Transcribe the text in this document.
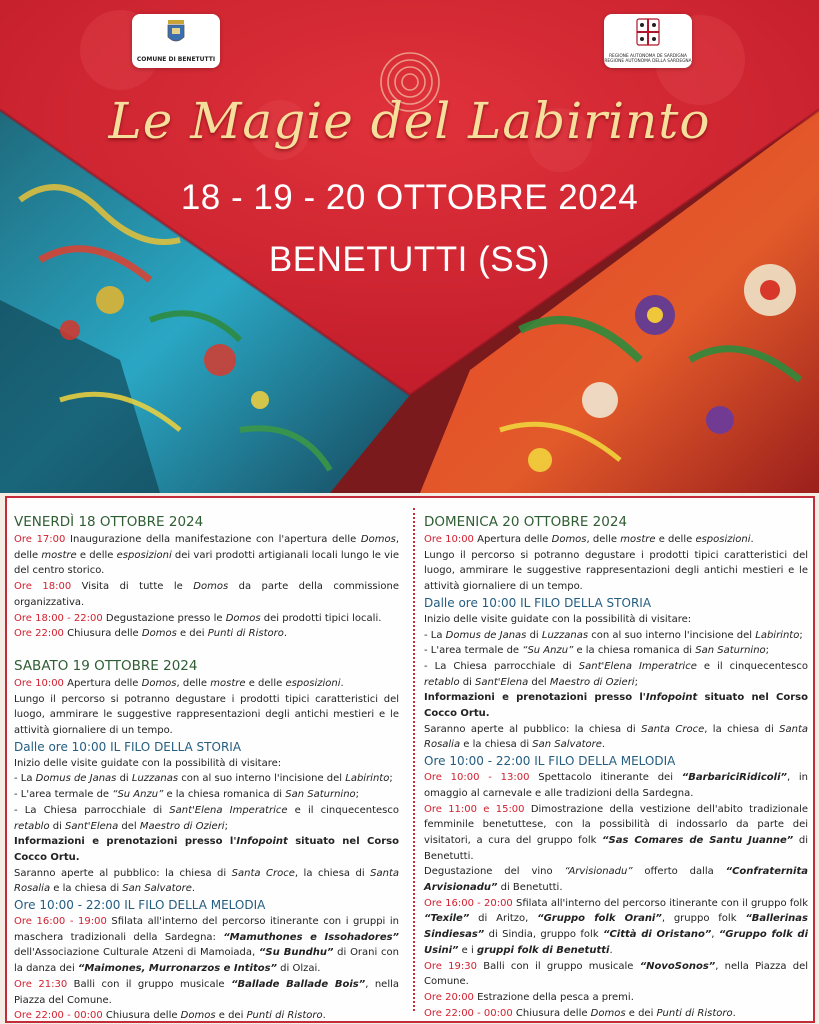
COMUNE DI BENETUTTI	REGIONE AUTONOMA DE SARDIGNA
REGIONE AUTONOMA DELLA SARDEGNA
Le Magie del Labirinto
18 - 19 - 20 OTTOBRE 2024
BENETUTTI (SS)
VENERDÌ 18 OTTOBRE 2024

Ore 17:00 Inaugurazione della manifestazione con l'apertura delle Domos, delle mostre e delle esposizioni dei vari prodotti artigianali locali lungo le vie del centro storico.

Ore 18:00 Visita di tutte le Domos da parte della commissione organizzativa.

Ore 18:00 - 22:00 Degustazione presso le Domos dei prodotti tipici locali.

Ore 22:00 Chiusura delle Domos e dei Punti di Ristoro.

SABATO 19 OTTOBRE 2024

Ore 10:00 Apertura delle Domos, delle mostre e delle esposizioni.

Lungo il percorso si potranno degustare i prodotti tipici caratteristici del luogo, ammirare le suggestive rappresentazioni degli antichi mestieri e le attività giornaliere di un tempo.

Dalle ore 10:00 IL FILO DELLA STORIA

Inizio delle visite guidate con la possibilità di visitare:

- La Domus de Janas di Luzzanas con al suo interno l'incisione del Labirinto;

- L'area termale de “Su Anzu” e la chiesa romanica di San Saturnino;

- La Chiesa parrocchiale di Sant'Elena Imperatrice e il cinquecentesco retablo di Sant'Elena del Maestro di Ozieri;

Informazioni e prenotazioni presso l'Infopoint situato nel Corso Cocco Ortu.

Saranno aperte al pubblico: la chiesa di Santa Croce, la chiesa di Santa Rosalia e la chiesa di San Salvatore.

Ore 10:00 - 22:00 IL FILO DELLA MELODIA

Ore 16:00 - 19:00 Sfilata all'interno del percorso itinerante con i gruppi in maschera tradizionali della Sardegna: “Mamuthones e Issohadores” dell'Associazione Culturale Atzeni di Mamoiada, “Su Bundhu” di Orani con la danza dei “Maimones, Murronarzos e Intitos” di Olzai.

Ore 21:30 Balli con il gruppo musicale “Ballade Ballade Bois”, nella Piazza del Comune.

Ore 22:00 - 00:00 Chiusura delle Domos e dei Punti di Ristoro.

DOMENICA 20 OTTOBRE 2024

Ore 10:00 Apertura delle Domos, delle mostre e delle esposizioni.

Lungo il percorso si potranno degustare i prodotti tipici caratteristici del luogo, ammirare le suggestive rappresentazioni degli antichi mestieri e le attività giornaliere di un tempo.

Dalle ore 10:00 IL FILO DELLA STORIA

Inizio delle visite guidate con la possibilità di visitare:

- La Domus de Janas di Luzzanas con al suo interno l'incisione del Labirinto;

- L'area termale de “Su Anzu” e la chiesa romanica di San Saturnino;

- La Chiesa parrocchiale di Sant'Elena Imperatrice e il cinquecentesco retablo di Sant'Elena del Maestro di Ozieri;

Informazioni e prenotazioni presso l'Infopoint situato nel Corso Cocco Ortu.

Saranno aperte al pubblico: la chiesa di Santa Croce, la chiesa di Santa Rosalia e la chiesa di San Salvatore.

Ore 10:00 - 22:00 IL FILO DELLA MELODIA

Ore 10:00 - 13:00 Spettacolo itinerante dei “BarbariciRidicoli”, in omaggio al carnevale e alle tradizioni della Sardegna.

Ore 11:00 e 15:00 Dimostrazione della vestizione dell'abito tradizionale femminile benetuttese, con la possibilità di indossarlo da parte dei visitatori, a cura del gruppo folk “Sas Comares de Santu Juanne” di Benetutti.

Degustazione del vino “Arvisionadu” offerto dalla “Confraternita Arvisionadu” di Benetutti.

Ore 16:00 - 20:00 Sfilata all'interno del percorso itinerante con il gruppo folk “Texile” di Aritzo, “Gruppo folk Orani”, gruppo folk “Ballerinas Sindiesas” di Sindia, gruppo folk “Città di Oristano”, “Gruppo folk di Usini” e i gruppi folk di Benetutti.

Ore 19:30 Balli con il gruppo musicale “NovoSonos”, nella Piazza del Comune.

Ore 20:00 Estrazione della pesca a premi.

Ore 22:00 - 00:00 Chiusura delle Domos e dei Punti di Ristoro.
